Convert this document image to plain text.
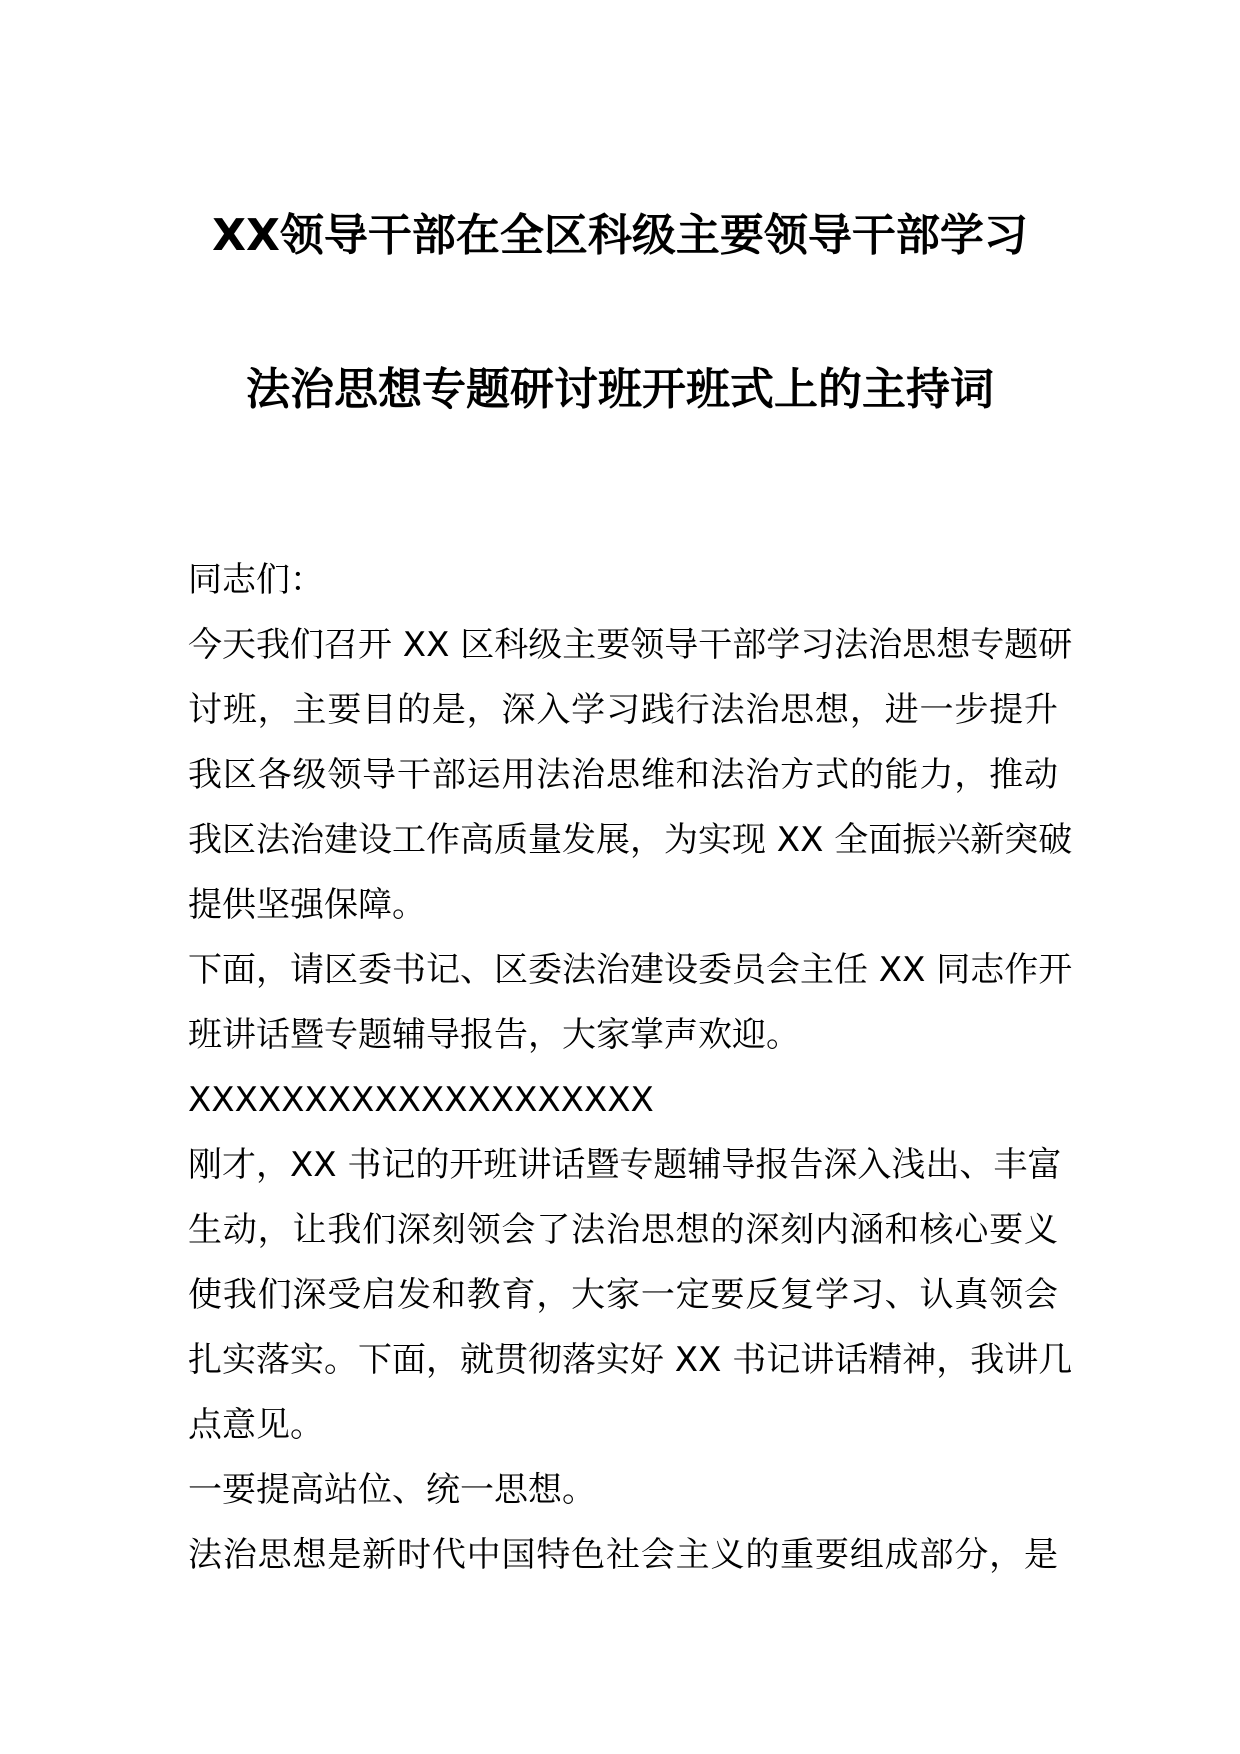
XX领导干部在全区科级主要领导干部学习
法治思想专题研讨班开班式上的主持词
同志们：
今天我们召开 XX 区科级主要领导干部学习法治思想专题研
讨班，主要目的是，深入学习践行法治思想，进一步提升
我区各级领导干部运用法治思维和法治方式的能力，推动
我区法治建设工作高质量发展，为实现 XX 全面振兴新突破
提供坚强保障。
下面，请区委书记、区委法治建设委员会主任 XX 同志作开
班讲话暨专题辅导报告，大家掌声欢迎。
XXXXXXXXXXXXXXXXXXXX
刚才，XX 书记的开班讲话暨专题辅导报告深入浅出、丰富
生动，让我们深刻领会了法治思想的深刻内涵和核心要义
使我们深受启发和教育，大家一定要反复学习、认真领会
扎实落实。下面，就贯彻落实好 XX 书记讲话精神，我讲几
点意见。
一要提高站位、统一思想。
法治思想是新时代中国特色社会主义的重要组成部分，是
